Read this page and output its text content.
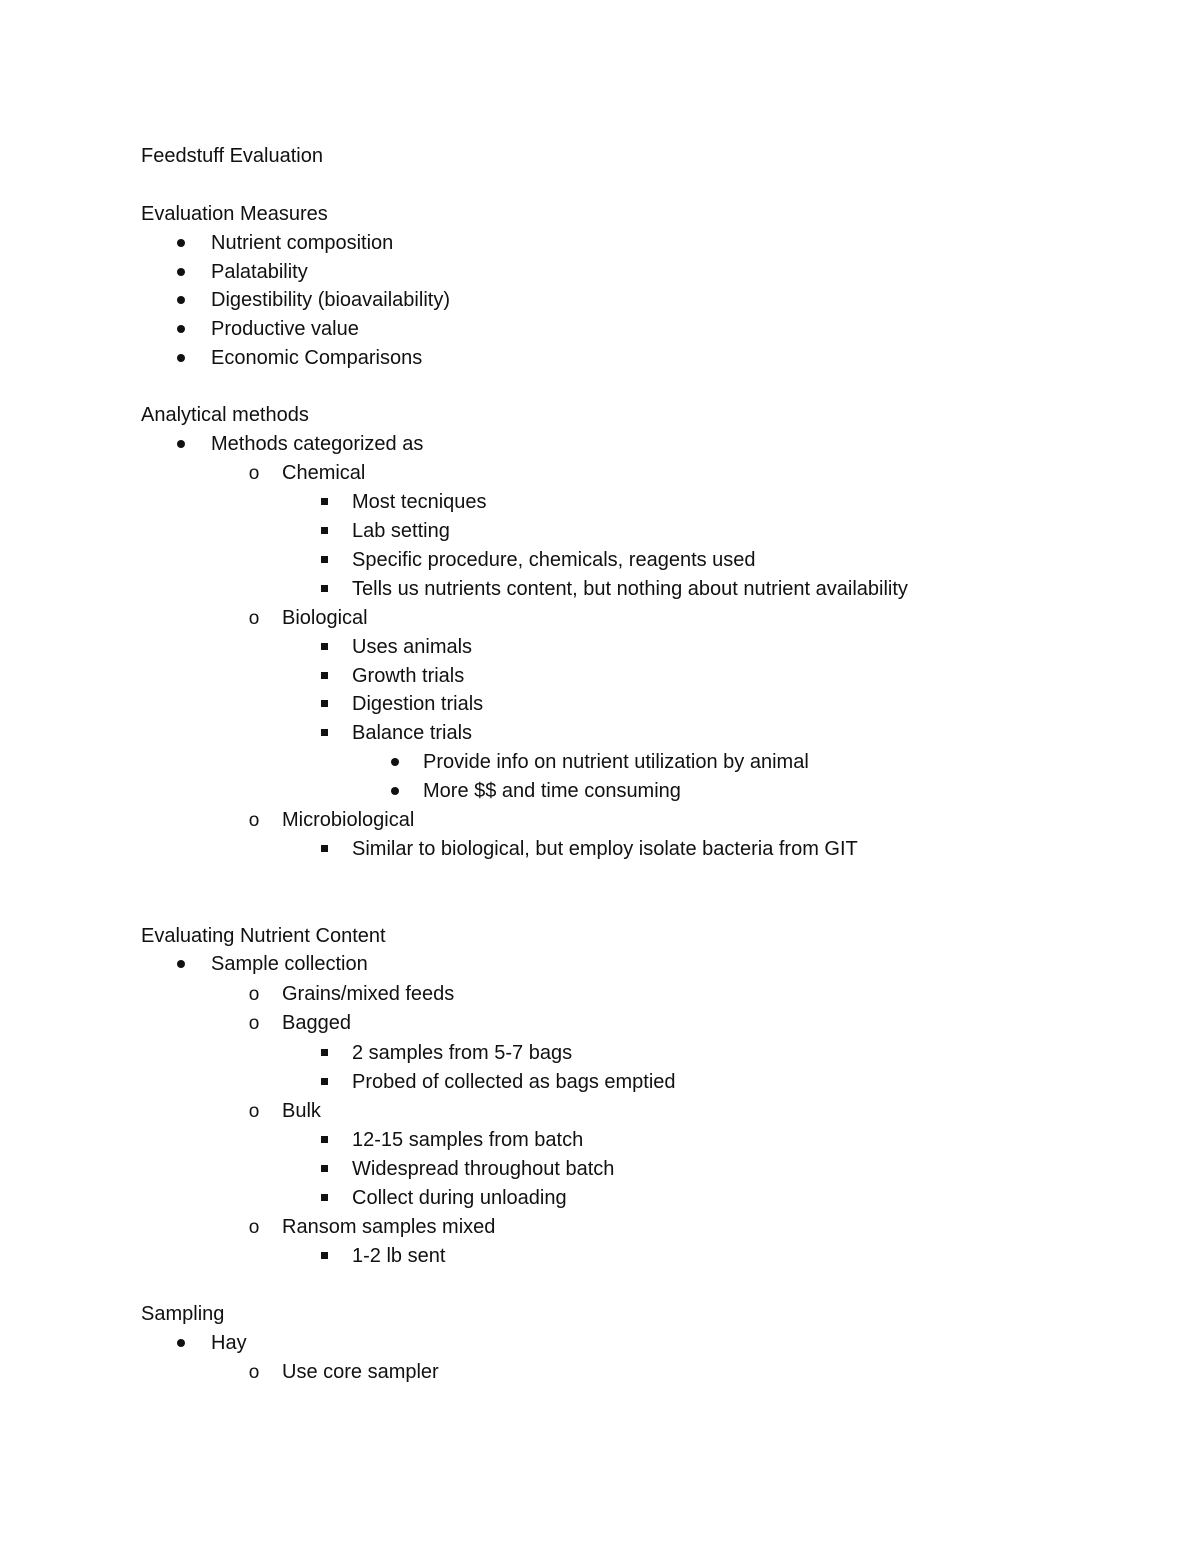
Feedstuff Evaluation
Evaluation Measures
Nutrient composition
Palatability
Digestibility (bioavailability)
Productive value
Economic Comparisons
Analytical methods
Methods categorized as
o
Chemical
Most tecniques
Lab setting
Specific procedure, chemicals, reagents used
Tells us nutrients content, but nothing about nutrient availability
o
Biological
Uses animals
Growth trials
Digestion trials
Balance trials
Provide info on nutrient utilization by animal
More $$ and time consuming
o
Microbiological
Similar to biological, but employ isolate bacteria from GIT
Evaluating Nutrient Content
Sample collection
o
Grains/mixed feeds
o
Bagged
2 samples from 5-7 bags
Probed of collected as bags emptied
o
Bulk
12-15 samples from batch
Widespread throughout batch
Collect during unloading
o
Ransom samples mixed
1-2 lb sent
Sampling
Hay
o
Use core sampler
